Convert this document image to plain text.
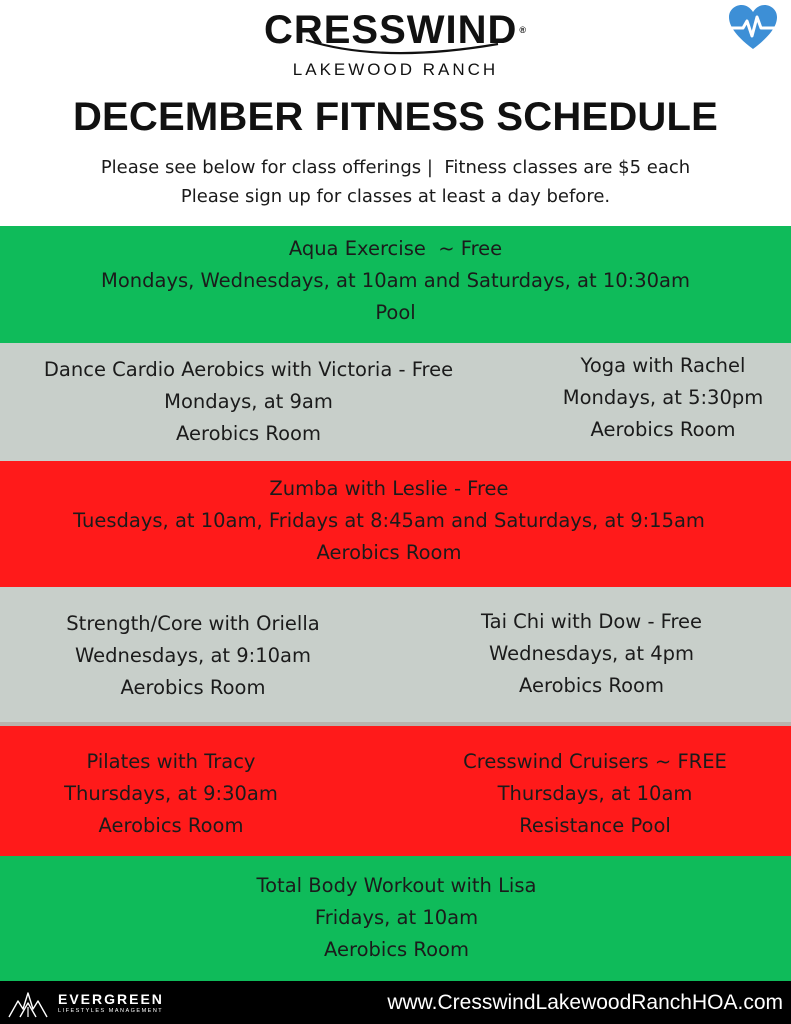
CRESSWIND ®
LAKEWOOD RANCH
DECEMBER FITNESS SCHEDULE
Please see below for class offerings |  Fitness classes are $5 each
Please sign up for classes at least a day before.
Aqua Exercise  ~ Free
Mondays, Wednesdays, at 10am and Saturdays, at 10:30am
Pool
Dance Cardio Aerobics with Victoria - Free
Mondays, at 9am
Aerobics Room
Yoga with Rachel
Mondays, at 5:30pm
Aerobics Room
Zumba with Leslie - Free
Tuesdays, at 10am, Fridays at 8:45am and Saturdays, at 9:15am
Aerobics Room
Strength/Core with Oriella
Wednesdays, at 9:10am
Aerobics Room
Tai Chi with Dow - Free
Wednesdays, at 4pm
Aerobics Room
Pilates with Tracy
Thursdays, at 9:30am
Aerobics Room
Cresswind Cruisers ~ FREE
Thursdays, at 10am
Resistance Pool
Total Body Workout with Lisa
Fridays, at 10am
Aerobics Room
EVERGREEN
LIFESTYLES MANAGEMENT	www.CresswindLakewoodRanchHOA.com
